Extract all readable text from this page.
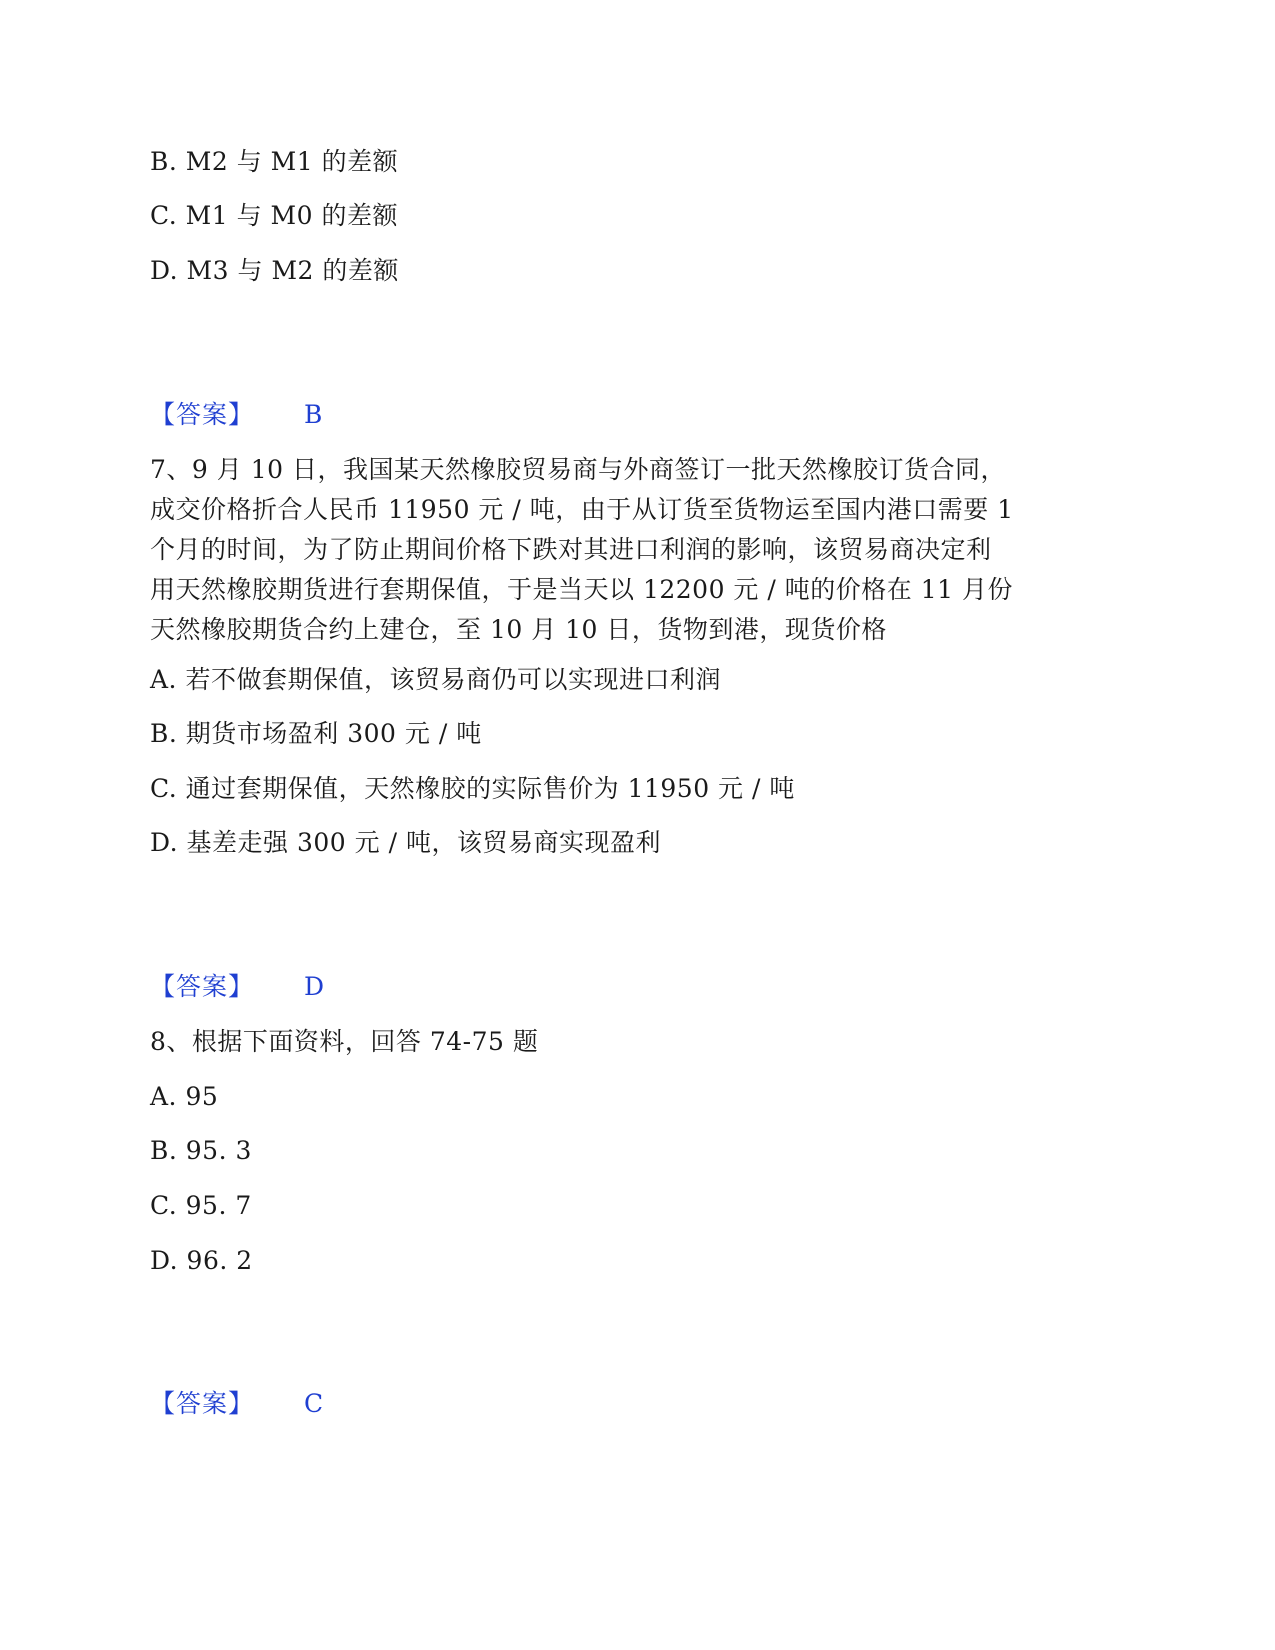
B. M2 与 M1 的差额
C. M1 与 M0 的差额
D. M3 与 M2 的差额
【答案】 B
7、9 月 10 日，我国某天然橡胶贸易商与外商签订一批天然橡胶订货合同，
成交价格折合人民币 11950 元 / 吨，由于从订货至货物运至国内港口需要 1
个月的时间，为了防止期间价格下跌对其进口利润的影响，该贸易商决定利
用天然橡胶期货进行套期保值，于是当天以 12200 元 / 吨的价格在 11 月份
天然橡胶期货合约上建仓，至 10 月 10 日，货物到港，现货价格
A. 若不做套期保值，该贸易商仍可以实现进口利润
B. 期货市场盈利 300 元 / 吨
C. 通过套期保值，天然橡胶的实际售价为 11950 元 / 吨
D. 基差走强 300 元 / 吨，该贸易商实现盈利
【答案】 D
8、根据下面资料，回答 74-75 题
A. 95
B. 95. 3
C. 95. 7
D. 96. 2
【答案】 C
